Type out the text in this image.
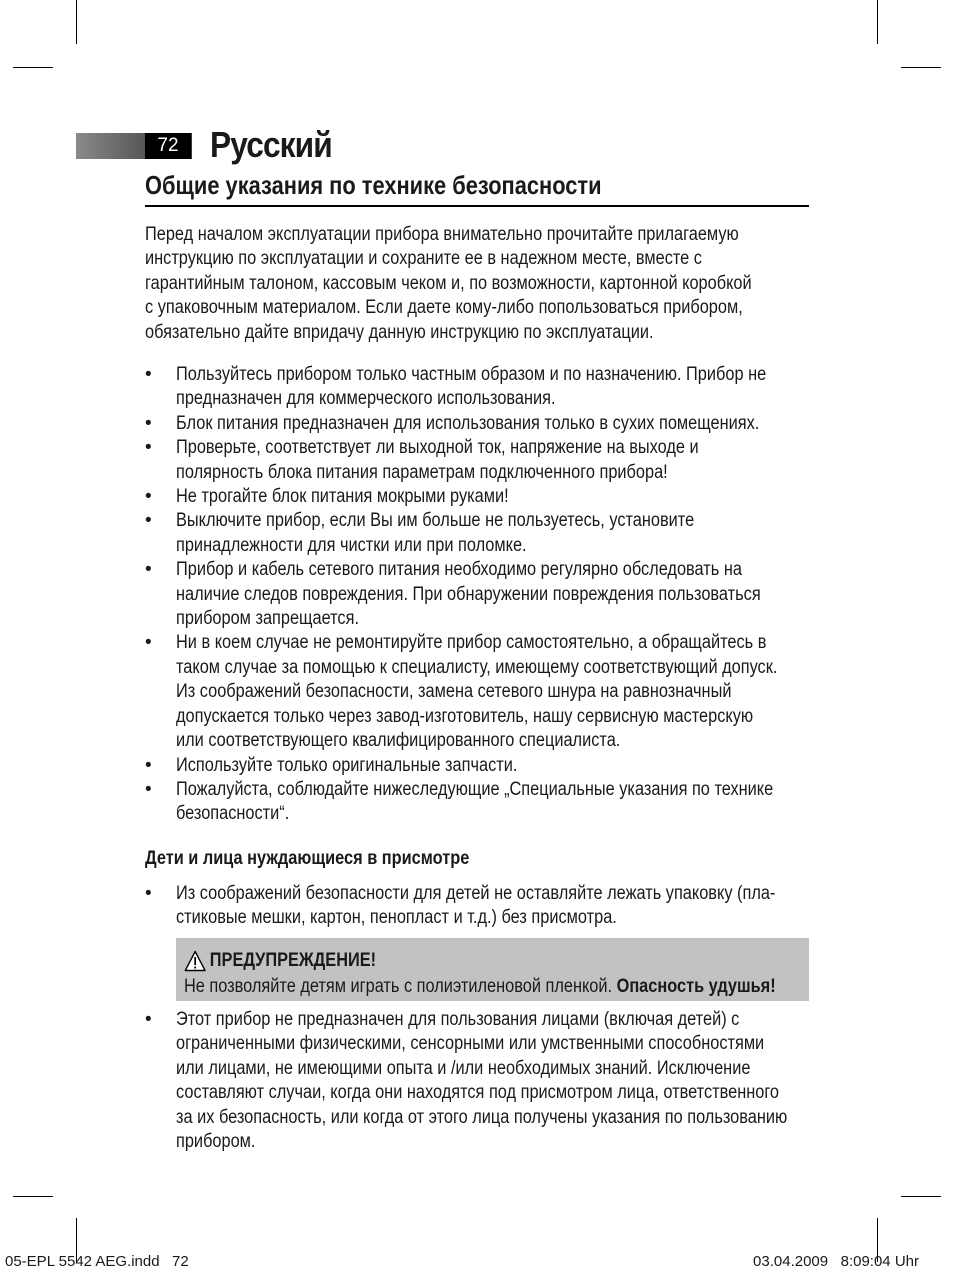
72 Русский
Общие указания по технике безопасности
Перед началом эксплуатации прибора внимательно прочитайте прилагаемую
инструкцию по эксплуатации и сохраните ее в надежном месте, вместе с
гарантийным талоном, кассовым чеком и, по возможности, картонной коробкой
с упаковочным материалом. Если даете кому-либо попользоваться прибором,
обязательно дайте впридачу данную инструкцию по эксплуатации.
• Пользуйтесь прибором только частным образом и по назначению. Прибор не
предназначен для коммерческого использования.
• Блок питания предназначен для использования только в сухих помещениях.
• Проверьте, соответствует ли выходной ток, напряжение на выходе и
полярность блока питания параметрам подключенного прибора!
• Не трогайте блок питания мокрыми руками!
• Выключите прибор, если Вы им больше не пользуетесь, установите
принадлежности для чистки или при поломке.
• Прибор и кабель сетевого питания необходимо регулярно обследовать на
наличие следов повреждения. При обнаружении повреждения пользоваться
прибором запрещается.
• Ни в коем случае не ремонтируйте прибор самостоятельно, а обращайтесь в
таком случае за помощью к специалисту, имеющему соответствующий допуск.
Из соображений безопасности, замена сетевого шнура на равнозначный
допускается только через завод-изготовитель, нашу сервисную мастерскую
или соответствующего квалифицированного специалиста.
• Используйте только оригинальные запчасти.
• Пожалуйста, соблюдайте нижеследующие „Специальные указания по технике
безопасности“.
Дети и лица нуждающиеся в присмотре
• Из соображений безопасности для детей не оставляйте лежать упаковку (пла-
стиковые мешки, картон, пенопласт и т.д.) без присмотра.
ПРЕДУПРЕЖДЕНИЕ!
Не позволяйте детям играть с полиэтиленовой пленкой. Опасность удушья!
• Этот прибор не предназначен для пользования лицами (включая детей) с
ограниченными физическими, сенсорными или умственными способностями
или лицами, не имеющими опыта и /или необходимых знаний. Исключение
составляют случаи, когда они находятся под присмотром лица, ответственного
за их безопасность, или когда от этого лица получены указания по пользованию
прибором.
05-EPL 5542 AEG.indd   72	03.04.2009   8:09:04 Uhr
